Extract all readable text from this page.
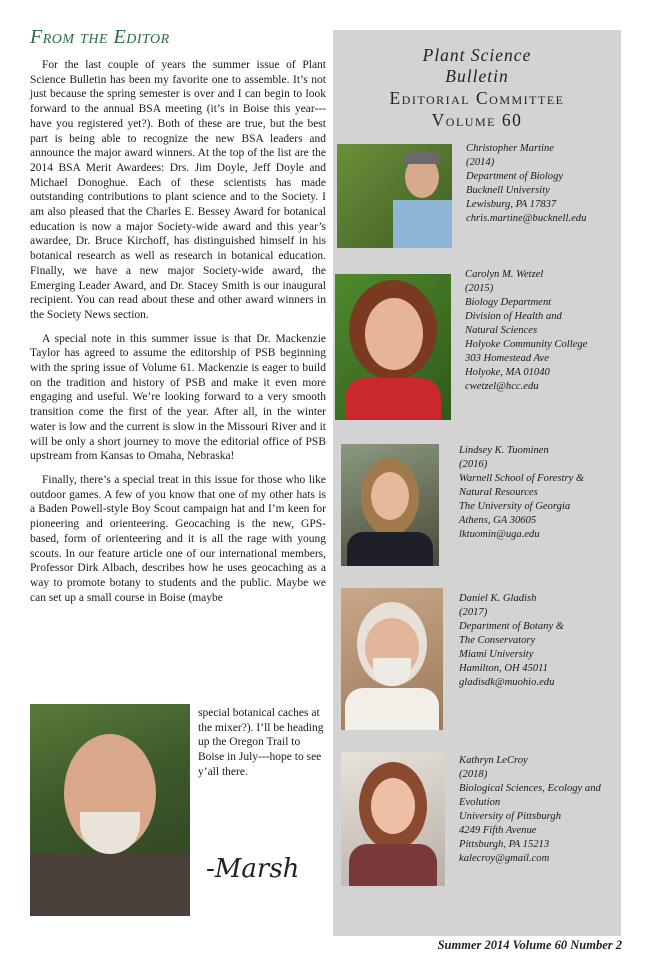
From the Editor

For the last couple of years the summer issue of Plant Science Bulletin has been my favorite one to assemble. It’s not just because the spring semester is over and I can begin to look forward to the annual BSA meeting (it’s in Boise this year---have you registered yet?). Both of these are true, but the best part is being able to recognize the new BSA leaders and announce the major award winners. At the top of the list are the 2014 BSA Merit Awardees: Drs. Jim Doyle, Jeff Doyle and Michael Donoghue. Each of these scientists has made outstanding contributions to plant science and to the Society. I am also pleased that the Charles E. Bessey Award for botanical education is now a major Society-wide award and this year’s awardee, Dr. Bruce Kirchoff, has distinguished himself in his botanical research as well as research in botanical education. Finally, we have a new major Society-wide award, the Emerging Leader Award, and Dr. Stacey Smith is our inaugural recipient. You can read about these and other award winners in the Society News section.

A special note in this summer issue is that Dr. Mackenzie Taylor has agreed to assume the editorship of PSB beginning with the spring issue of Volume 61. Mackenzie is eager to build on the tradition and history of PSB and make it even more engaging and useful. We’re looking forward to a very smooth transition come the first of the year. After all, in the winter water is low and the current is slow in the Missouri River and it will be only a short journey to move the editorial office of PSB upstream from Kansas to Omaha, Nebraska!

Finally, there’s a special treat in this issue for those who like outdoor games. A few of you know that one of my other hats is a Baden Powell-style Boy Scout campaign hat and I’m keen for pioneering and orienteering. Geocaching is the new, GPS-based, form of orienteering and it is all the rage with young scouts. In our feature article one of our international members, Professor Dirk Albach, describes how he uses geocaching as a way to promote botany to students and the public. Maybe we can set up a small course in Boise (maybe

special botanical caches at the mixer?). I’ll be heading up the Oregon Trail to Boise in July---hope to see y’all there.
-Marsh
Plant Science
Bulletin
Editorial Committee
Volume 60
Christopher Martine
(2014)
Department of Biology
Bucknell University
Lewisburg, PA 17837
chris.martine@bucknell.edu
Carolyn M. Wetzel
(2015)
Biology Department
Division of Health and
Natural Sciences
Holyoke Community College
303 Homestead Ave
Holyoke, MA 01040
cwetzel@hcc.edu
Lindsey K. Tuominen
(2016)
Warnell School of Forestry &
Natural Resources
The University of Georgia
Athens, GA 30605
lktuomin@uga.edu
Daniel K. Gladish
(2017)
Department of Botany &
The Conservatory
Miami University
Hamilton, OH 45011
gladisdk@muohio.edu
Kathryn LeCroy
(2018)
Biological Sciences, Ecology and
Evolution
University of Pittsburgh
4249 Fifth Avenue
Pittsburgh, PA 15213
kalecroy@gmail.com
Summer 2014 Volume 60 Number 2
